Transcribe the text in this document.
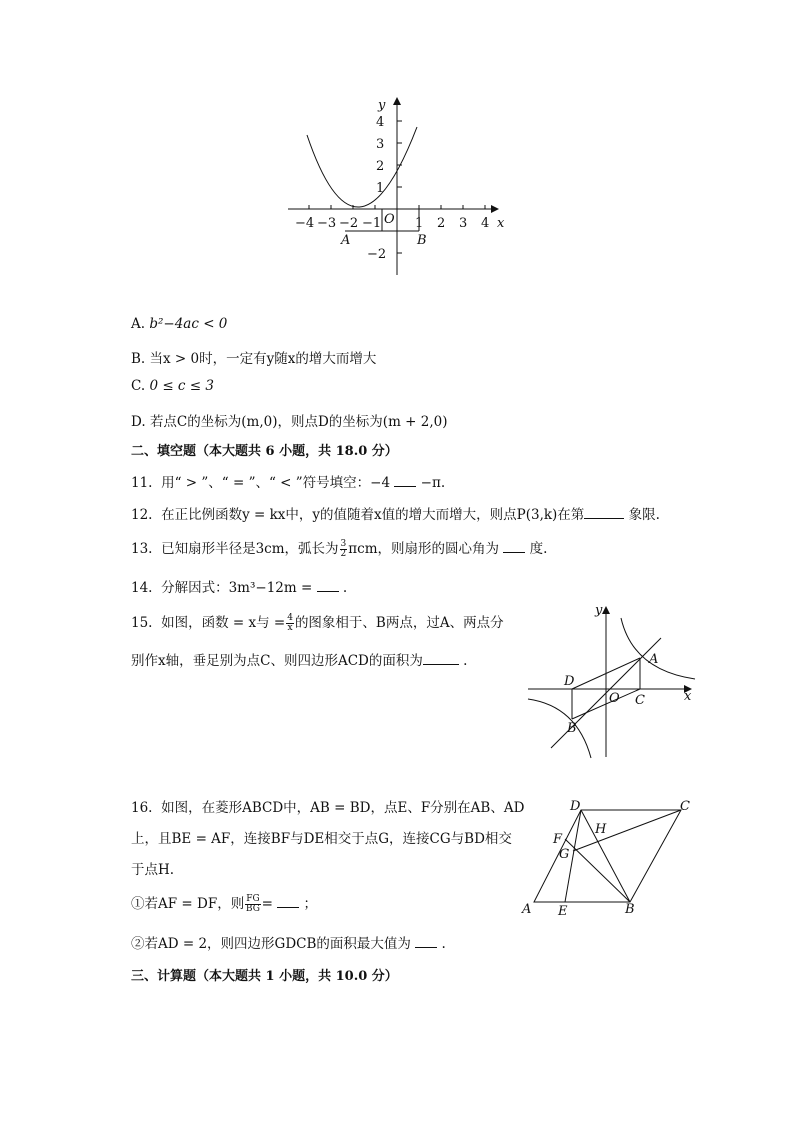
y
x
O
4
3
2
1
−2
−4 −3 −2 −1	1 2 3 4
A	B
A. b²−4ac < 0
B. 当x > 0时，一定有y随x的增大而增大
C. 0 ≤ c ≤ 3
D. 若点C的坐标为(m,0)，则点D的坐标为(m + 2,0)
二、填空题（本大题共 6 小题，共 18.0 分）
11. 用“ > ”、“ = ”、“ < ”符号填空：−4 −π.
12. 在正比例函数y = kx中，y的值随着x值的增大而增大，则点P(3,k)在第	象限.
13. 已知扇形半径是3cm，弧长为 $\frac{3}{2}$ πcm，则扇形的圆心角为 度.
14. 分解因式：3m³−12m = .
15. 如图，函数 = x与 = $\frac{4}{x}$ 的图象相于、B两点，过A、两点分
别作x轴，垂足别为点C、则四边形ACD的面积为	.
y
x
A
B
C
D
O
16. 如图，在菱形ABCD中，AB = BD，点E、F分别在AB、AD
上，且BE = AF，连接BF与DE相交于点G，连接CG与BD相交
于点H.
①若AF = DF，则 $\frac{FG}{BG}$ = ；
②若AD = 2，则四边形GDCB的面积最大值为 .
A	B
C
D
E
F
G
H
三、计算题（本大题共 1 小题，共 10.0 分）
